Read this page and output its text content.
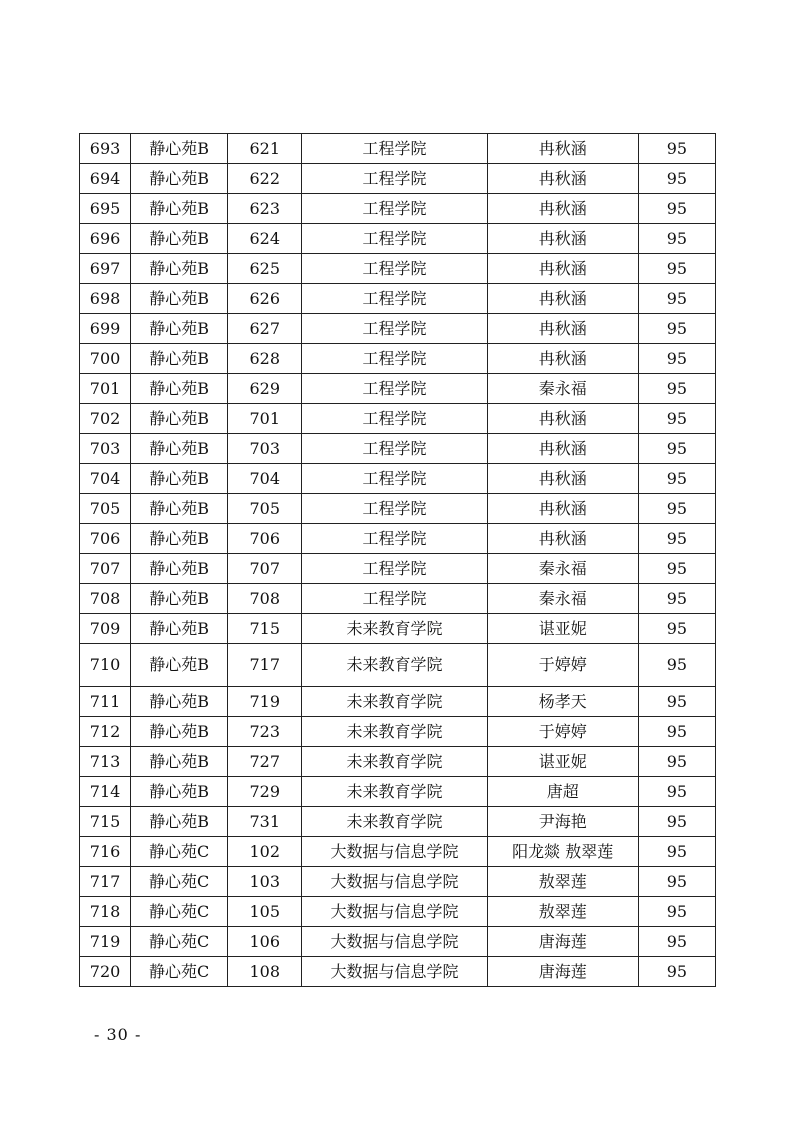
693	静心苑B	621	工程学院	冉秋涵	95
694	静心苑B	622	工程学院	冉秋涵	95
695	静心苑B	623	工程学院	冉秋涵	95
696	静心苑B	624	工程学院	冉秋涵	95
697	静心苑B	625	工程学院	冉秋涵	95
698	静心苑B	626	工程学院	冉秋涵	95
699	静心苑B	627	工程学院	冉秋涵	95
700	静心苑B	628	工程学院	冉秋涵	95
701	静心苑B	629	工程学院	秦永福	95
702	静心苑B	701	工程学院	冉秋涵	95
703	静心苑B	703	工程学院	冉秋涵	95
704	静心苑B	704	工程学院	冉秋涵	95
705	静心苑B	705	工程学院	冉秋涵	95
706	静心苑B	706	工程学院	冉秋涵	95
707	静心苑B	707	工程学院	秦永福	95
708	静心苑B	708	工程学院	秦永福	95
709	静心苑B	715	未来教育学院	谌亚妮	95
710	静心苑B	717	未来教育学院	于婷婷	95
711	静心苑B	719	未来教育学院	杨孝天	95
712	静心苑B	723	未来教育学院	于婷婷	95
713	静心苑B	727	未来教育学院	谌亚妮	95
714	静心苑B	729	未来教育学院	唐超	95
715	静心苑B	731	未来教育学院	尹海艳	95
716	静心苑C	102	大数据与信息学院	阳龙燚 敖翠莲	95
717	静心苑C	103	大数据与信息学院	敖翠莲	95
718	静心苑C	105	大数据与信息学院	敖翠莲	95
719	静心苑C	106	大数据与信息学院	唐海莲	95
720	静心苑C	108	大数据与信息学院	唐海莲	95
- 30 -
